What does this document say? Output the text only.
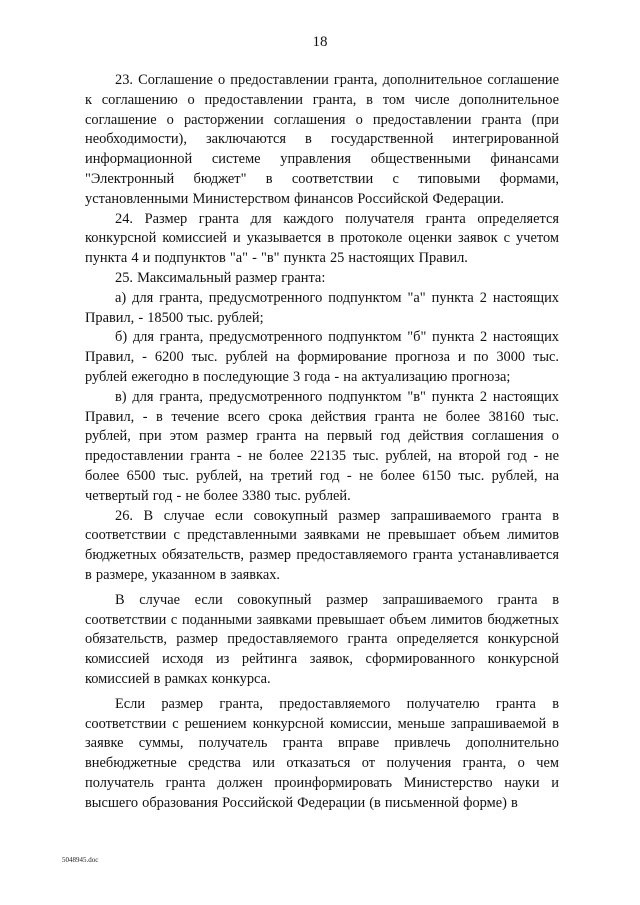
18

23. Соглашение о предоставлении гранта, дополнительное соглашение к соглашению о предоставлении гранта, в том числе дополнительное соглашение о расторжении соглашения о предоставлении гранта (при необходимости), заключаются в государственной интегрированной информационной системе управления общественными финансами "Электронный бюджет" в соответствии с типовыми формами, установленными Министерством финансов Российской Федерации.

24. Размер гранта для каждого получателя гранта определяется конкурсной комиссией и указывается в протоколе оценки заявок с учетом пункта 4 и подпунктов "а" - "в" пункта 25 настоящих Правил.

25. Максимальный размер гранта:

а) для гранта, предусмотренного подпунктом "а" пункта 2 настоящих Правил, - 18500 тыс. рублей;

б) для гранта, предусмотренного подпунктом "б" пункта 2 настоящих Правил, - 6200 тыс. рублей на формирование прогноза и по 3000 тыс. рублей ежегодно в последующие 3 года - на актуализацию прогноза;

в) для гранта, предусмотренного подпунктом "в" пункта 2 настоящих Правил, - в течение всего срока действия гранта не более 38160 тыс. рублей, при этом размер гранта на первый год действия соглашения о предоставлении гранта - не более 22135 тыс. рублей, на второй год - не более 6500 тыс. рублей, на третий год - не более 6150 тыс. рублей, на четвертый год - не более 3380 тыс. рублей.

26. В случае если совокупный размер запрашиваемого гранта в соответствии с представленными заявками не превышает объем лимитов бюджетных обязательств, размер предоставляемого гранта устанавливается в размере, указанном в заявках.

В случае если совокупный размер запрашиваемого гранта в соответствии с поданными заявками превышает объем лимитов бюджетных обязательств, размер предоставляемого гранта определяется конкурсной комиссией исходя из рейтинга заявок, сформированного конкурсной комиссией в рамках конкурса.

Если размер гранта, предоставляемого получателю гранта в соответствии с решением конкурсной комиссии, меньше запрашиваемой в заявке суммы, получатель гранта вправе привлечь дополнительно внебюджетные средства или отказаться от получения гранта, о чем получатель гранта должен проинформировать Министерство науки и высшего образования Российской Федерации (в письменной форме) в

5048945.doc
